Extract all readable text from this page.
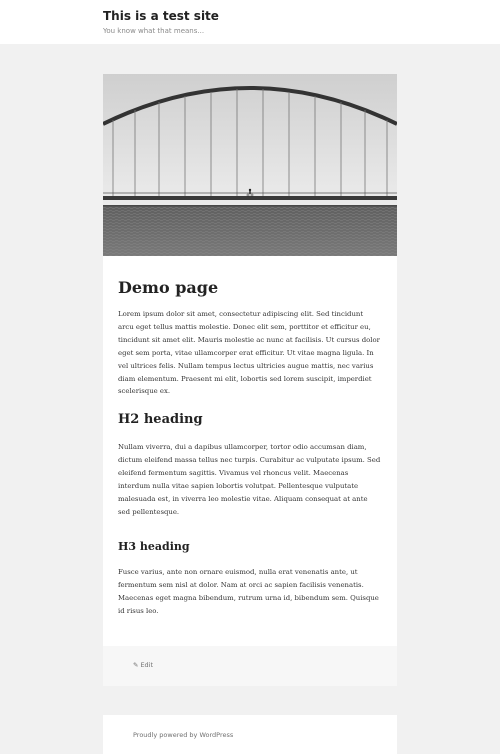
This is a test site
You know what that means...
Demo page

Lorem ipsum dolor sit amet, consectetur adipiscing elit. Sed tincidunt arcu eget tellus mattis molestie. Donec elit sem, porttitor et efficitur eu, tincidunt sit amet elit. Mauris molestie ac nunc at facilisis. Ut cursus dolor eget sem porta, vitae ullamcorper erat efficitur. Ut vitae magna ligula. In vel ultrices felis. Nullam tempus lectus ultricies augue mattis, nec varius diam elementum. Praesent mi elit, lobortis sed lorem suscipit, imperdiet scelerisque ex.

H2 heading

Nullam viverra, dui a dapibus ullamcorper, tortor odio accumsan diam, dictum eleifend massa tellus nec turpis. Curabitur ac vulputate ipsum. Sed eleifend fermentum sagittis. Vivamus vel rhoncus velit. Maecenas interdum nulla vitae sapien lobortis volutpat. Pellentesque vulputate malesuada est, in viverra leo molestie vitae. Aliquam consequat at ante sed pellentesque.

H3 heading

Fusce varius, ante non ornare euismod, nulla erat venenatis ante, ut fermentum sem nisl at dolor. Nam at orci ac sapien facilisis venenatis. Maecenas eget magna bibendum, rutrum urna id, bibendum sem. Quisque id risus leo.

✎ Edit
Proudly powered by WordPress
